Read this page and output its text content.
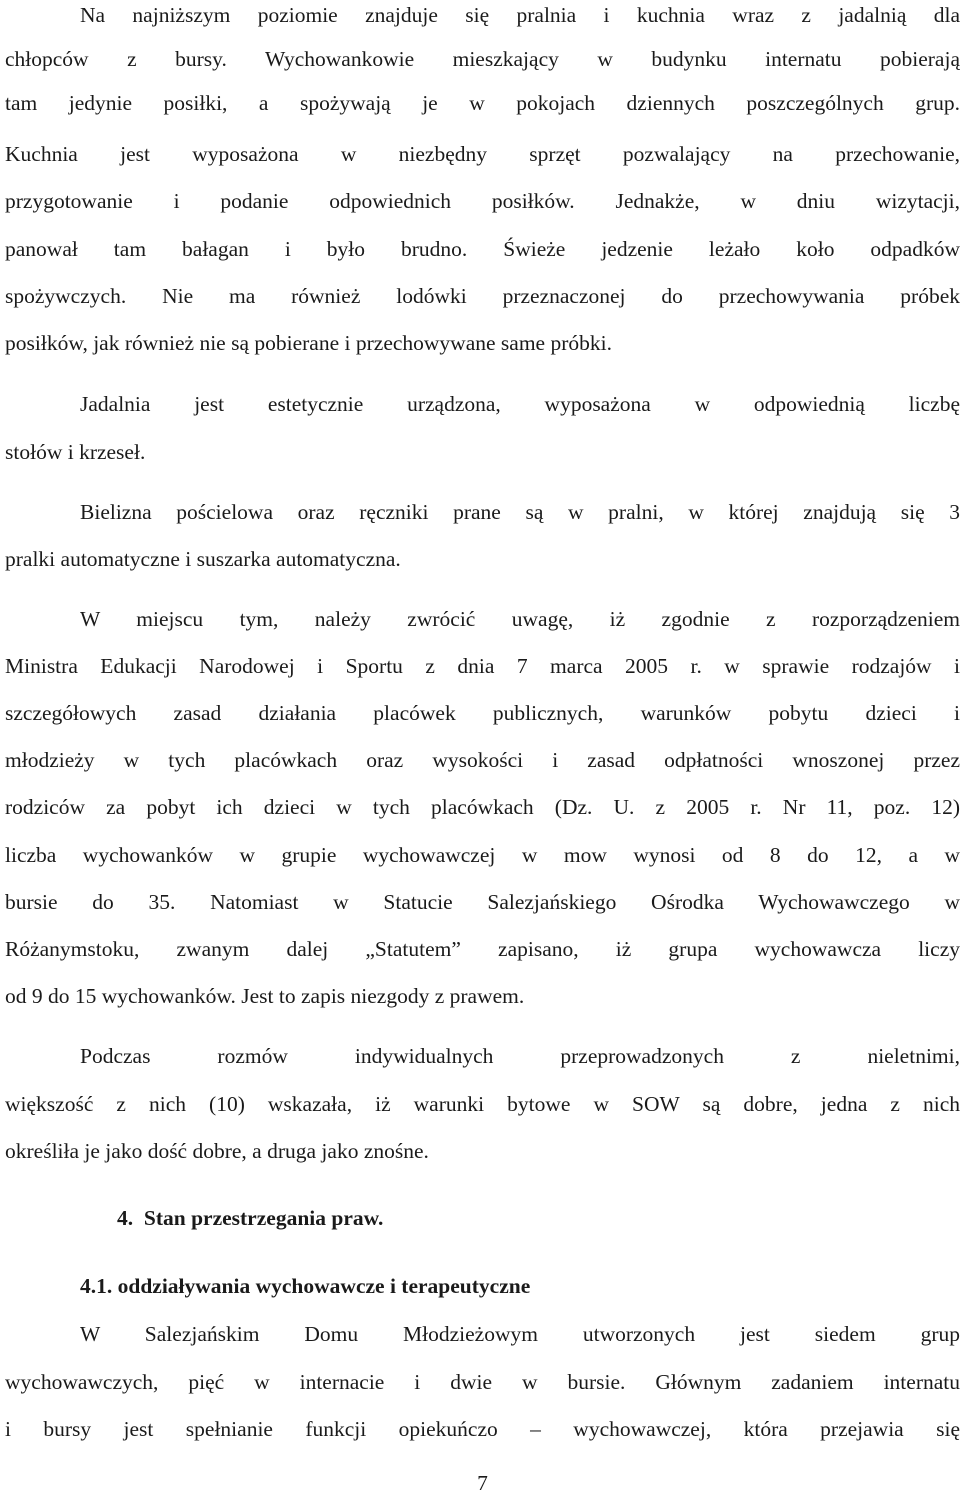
Na najniższym poziomie znajduje się pralnia i kuchnia wraz z jadalnią dla
chłopców z bursy. Wychowankowie mieszkający w budynku internatu pobierają
tam jedynie posiłki, a spożywają je w pokojach dziennych poszczególnych grup.
Kuchnia jest wyposażona w niezbędny sprzęt pozwalający na przechowanie,
przygotowanie i podanie odpowiednich posiłków. Jednakże, w dniu wizytacji,
panował tam bałagan i było brudno. Świeże jedzenie leżało koło odpadków
spożywczych. Nie ma również lodówki przeznaczonej do przechowywania próbek
posiłków, jak również nie są pobierane i przechowywane same próbki.
Jadalnia jest estetycznie urządzona, wyposażona w odpowiednią liczbę
stołów i krzeseł.
Bielizna pościelowa oraz ręczniki prane są w pralni, w której znajdują się 3
pralki automatyczne i suszarka automatyczna.
W miejscu tym, należy zwrócić uwagę, iż zgodnie z rozporządzeniem
Ministra Edukacji Narodowej i Sportu z dnia 7 marca 2005 r. w sprawie rodzajów i
szczegółowych zasad działania placówek publicznych, warunków pobytu dzieci i
młodzieży w tych placówkach oraz wysokości i zasad odpłatności wnoszonej przez
rodziców za pobyt ich dzieci w tych placówkach (Dz. U. z 2005 r. Nr 11, poz. 12)
liczba wychowanków w grupie wychowawczej w mow wynosi od 8 do 12, a w
bursie do 35. Natomiast w Statucie Salezjańskiego Ośrodka Wychowawczego w
Różanymstoku, zwanym dalej „Statutem” zapisano, iż grupa wychowawcza liczy
od 9 do 15 wychowanków. Jest to zapis niezgody z prawem.
Podczas rozmów indywidualnych przeprowadzonych z nieletnimi,
większość z nich (10) wskazała, iż warunki bytowe w SOW są dobre, jedna z nich
określiła je jako dość dobre, a druga jako znośne.
4. Stan przestrzegania praw.
4.1. oddziaływania wychowawcze i terapeutyczne
W Salezjańskim Domu Młodzieżowym utworzonych jest siedem grup
wychowawczych, pięć w internacie i dwie w bursie. Głównym zadaniem internatu
i bursy jest spełnianie funkcji opiekuńczo – wychowawczej, która przejawia się
7
